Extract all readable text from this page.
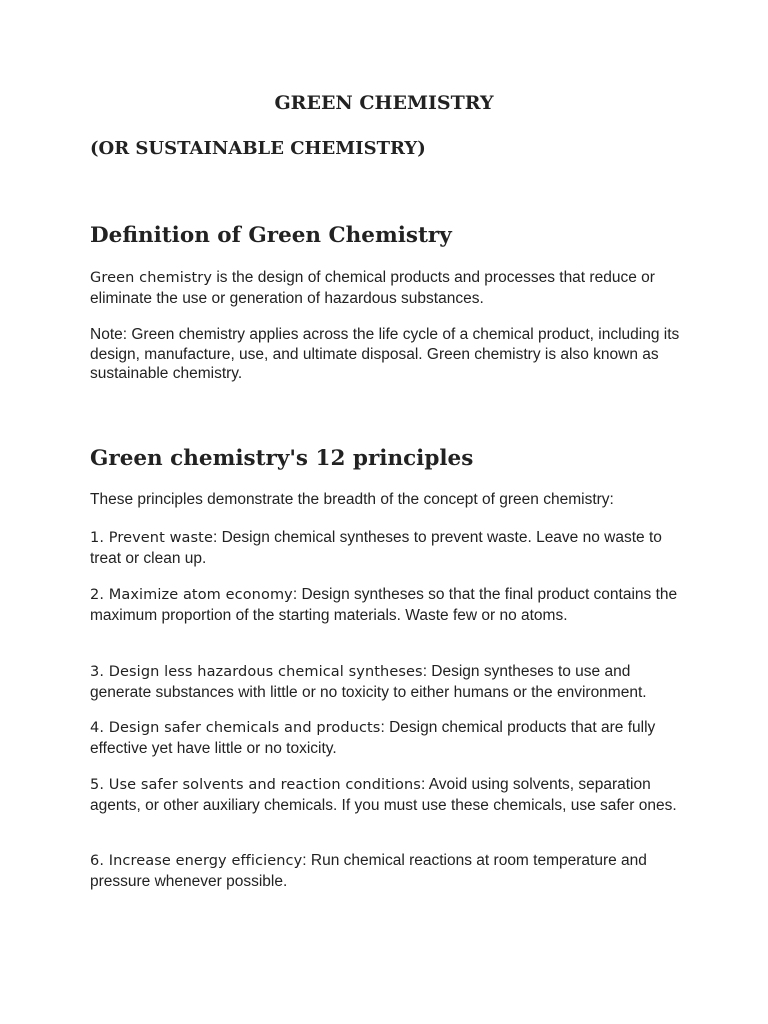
GREEN CHEMISTRY
(OR SUSTAINABLE CHEMISTRY)
Definition of Green Chemistry

Green chemistry is the design of chemical products and processes that reduce or eliminate the use or generation of hazardous substances.

Note: Green chemistry applies across the life cycle of a chemical product, including its design, manufacture, use, and ultimate disposal. Green chemistry is also known as sustainable chemistry.

Green chemistry's 12 principles

These principles demonstrate the breadth of the concept of green chemistry:

1. Prevent waste: Design chemical syntheses to prevent waste. Leave no waste to treat or clean up.

2. Maximize atom economy: Design syntheses so that the final product contains the maximum proportion of the starting materials. Waste few or no atoms.

3. Design less hazardous chemical syntheses: Design syntheses to use and generate substances with little or no toxicity to either humans or the environment.

4. Design safer chemicals and products: Design chemical products that are fully effective yet have little or no toxicity.

5. Use safer solvents and reaction conditions: Avoid using solvents, separation agents, or other auxiliary chemicals. If you must use these chemicals, use safer ones.

6. Increase energy efficiency: Run chemical reactions at room temperature and pressure whenever possible.
